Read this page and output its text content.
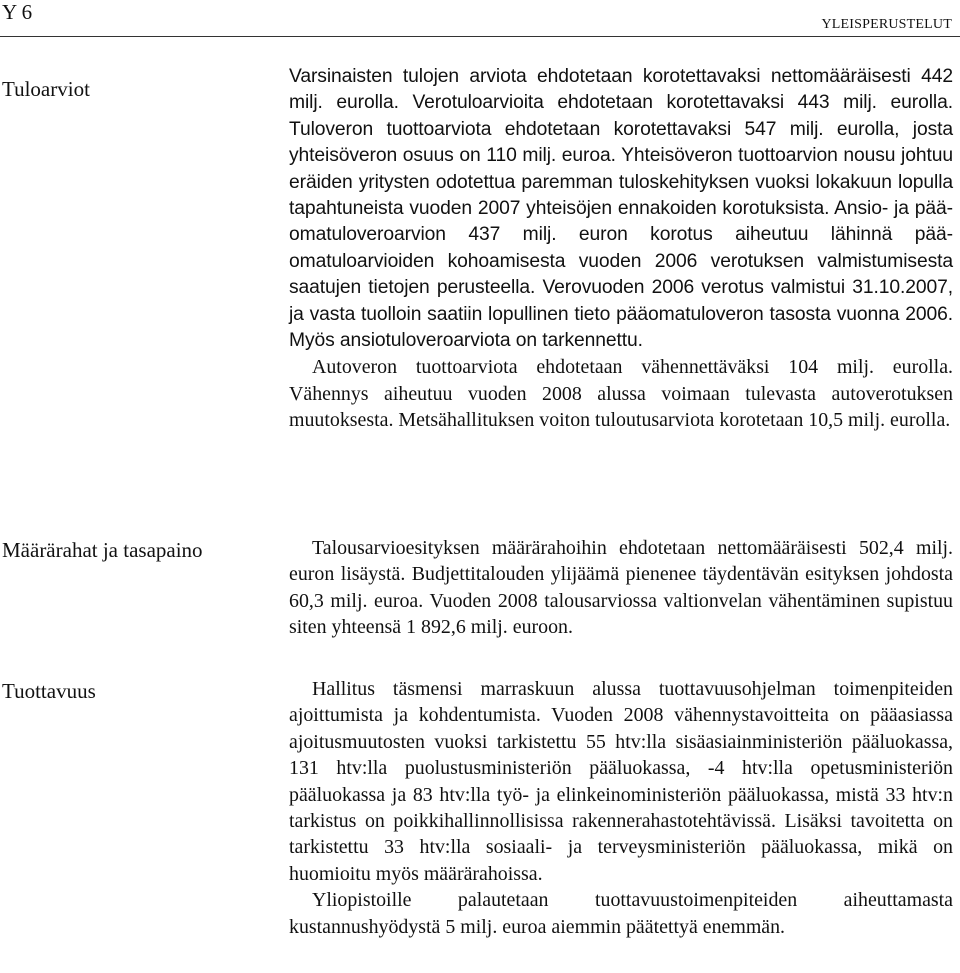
Y 6
YLEISPERUSTELUT
Tuloarviot

Varsinaisten tulojen arviota ehdotetaan korotettavaksi nettomääräisesti 442 milj. eurolla. Verotuloarvioita ehdotetaan korotettavaksi 443 milj. eurolla. Tuloveron tuottoarviota ehdotetaan korotettavaksi 547 milj. eurolla, josta yhteisöveron osuus on 110 milj. euroa. Yhteisöveron tuottoarvion nousu johtuu eräiden yritysten odotettua paremman tuloskehityksen vuoksi lokakuun lopulla tapahtuneista vuoden 2007 yhteisöjen ennakoiden korotuksista. Ansio- ja pääomatuloveroarvion 437 milj. euron korotus aiheutuu lähinnä pääomatuloarvioiden kohoamisesta vuoden 2006 verotuksen valmistumisesta saatujen tietojen perusteella. Verovuoden 2006 verotus valmistui 31.10.2007, ja vasta tuolloin saatiin lopullinen tieto pääomatuloveron tasosta vuonna 2006. Myös ansiotuloveroarviota on tarkennettu.

Autoveron tuottoarviota ehdotetaan vähennettäväksi 104 milj. eurolla. Vähennys aiheutuu vuoden 2008 alussa voimaan tulevasta autoverotuksen muutoksesta. Metsähallituksen voiton tuloutusarviota korotetaan 10,5 milj. eurolla.

Määrärahat ja tasapaino	Talousarvioesityksen määrärahoihin ehdotetaan nettomääräisesti 502,4 milj. euron lisäystä. Budjettitalouden ylijäämä pienenee täydentävän esityksen johdosta 60,3 milj. euroa. Vuoden 2008 talousarviossa valtionvelan vähentäminen supistuu siten yhteensä 1 892,6 milj. euroon.

Tuottavuus	Hallitus täsmensi marraskuun alussa tuottavuusohjelman toimenpiteiden ajoittumista ja kohdentumista. Vuoden 2008 vähennystavoitteita on pääasiassa ajoitusmuutosten vuoksi tarkistettu 55 htv:lla sisäasiainministeriön pääluokassa, 131 htv:lla puolustusministeriön pääluokassa, -4 htv:lla opetusministeriön pääluokassa ja 83 htv:lla työ- ja elinkeinoministeriön pääluokassa, mistä 33 htv:n tarkistus on poikkihallinnollisissa rakennerahastotehtävissä. Lisäksi tavoitetta on tarkistettu 33 htv:lla sosiaali- ja terveysministeriön pääluokassa, mikä on huomioitu myös määrärahoissa.

Yliopistoille palautetaan tuottavuustoimenpiteiden aiheuttamasta kustannushyödystä 5 milj. euroa aiemmin päätettyä enemmän.
